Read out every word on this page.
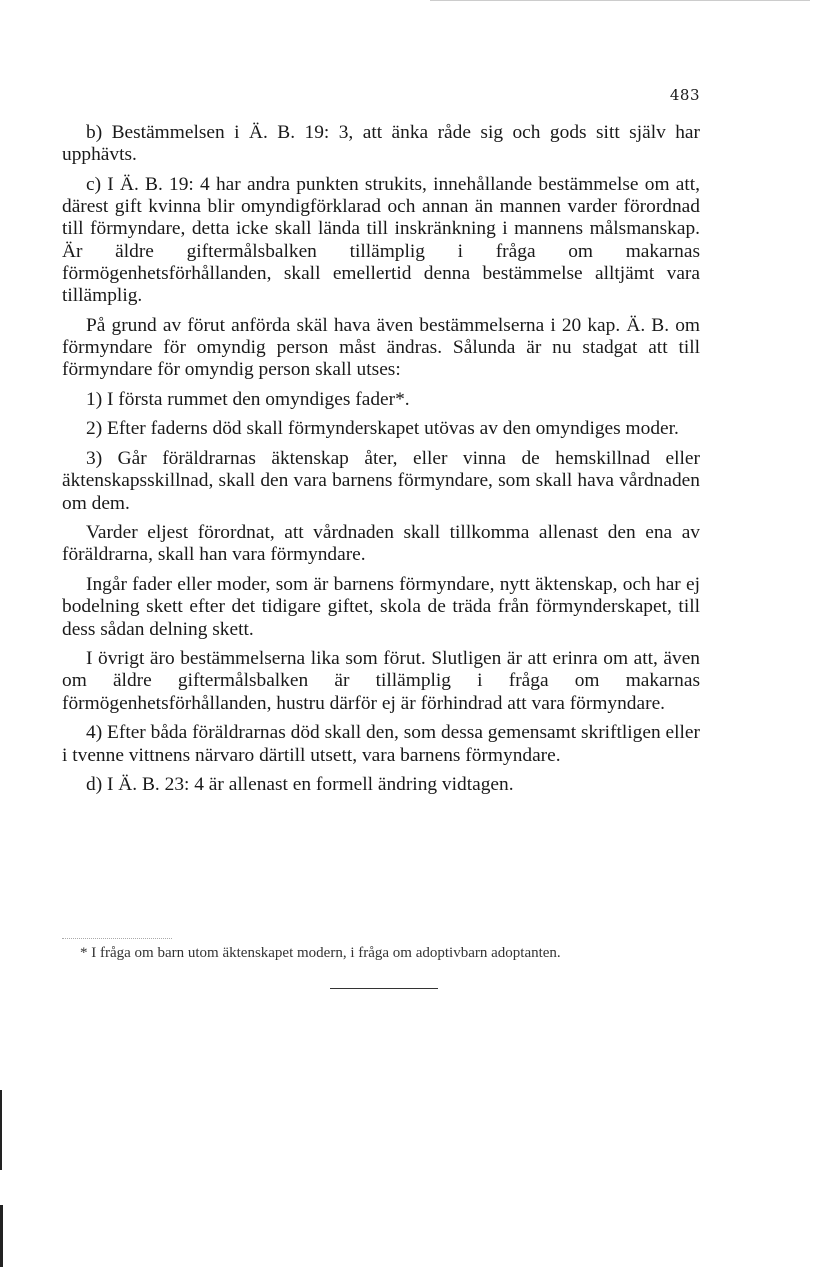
483

b) Bestämmelsen i Ä. B. 19: 3, att änka råde sig och gods sitt själv har upphävts.

c) I Ä. B. 19: 4 har andra punkten strukits, innehållande bestämmelse om att, därest gift kvinna blir omyndigförklarad och annan än mannen varder förordnad till förmyndare, detta icke skall lända till inskränkning i mannens målsmanskap. Är äldre giftermålsbalken tillämplig i fråga om makarnas förmögenhetsförhållanden, skall emellertid denna bestämmelse alltjämt vara tillämplig.

På grund av förut anförda skäl hava även bestämmelserna i 20 kap. Ä. B. om förmyndare för omyndig person måst ändras. Sålunda är nu stadgat att till förmyndare för omyndig person skall utses:

1) I första rummet den omyndiges fader*.

2) Efter faderns död skall förmynderskapet utövas av den omyndiges moder.

3) Går föräldrarnas äktenskap åter, eller vinna de hemskillnad eller äktenskapsskillnad, skall den vara barnens förmyndare, som skall hava vårdnaden om dem.

Varder eljest förordnat, att vårdnaden skall tillkomma allenast den ena av föräldrarna, skall han vara förmyndare.

Ingår fader eller moder, som är barnens förmyndare, nytt äktenskap, och har ej bodelning skett efter det tidigare giftet, skola de träda från förmynderskapet, till dess sådan delning skett.

I övrigt äro bestämmelserna lika som förut. Slutligen är att erinra om att, även om äldre giftermålsbalken är tillämplig i fråga om makarnas förmögenhetsförhållanden, hustru därför ej är förhindrad att vara förmyndare.

4) Efter båda föräldrarnas död skall den, som dessa gemensamt skriftligen eller i tvenne vittnens närvaro därtill utsett, vara barnens förmyndare.

d) I Ä. B. 23: 4 är allenast en formell ändring vidtagen.

* I fråga om barn utom äktenskapet modern, i fråga om adoptivbarn adoptanten.
